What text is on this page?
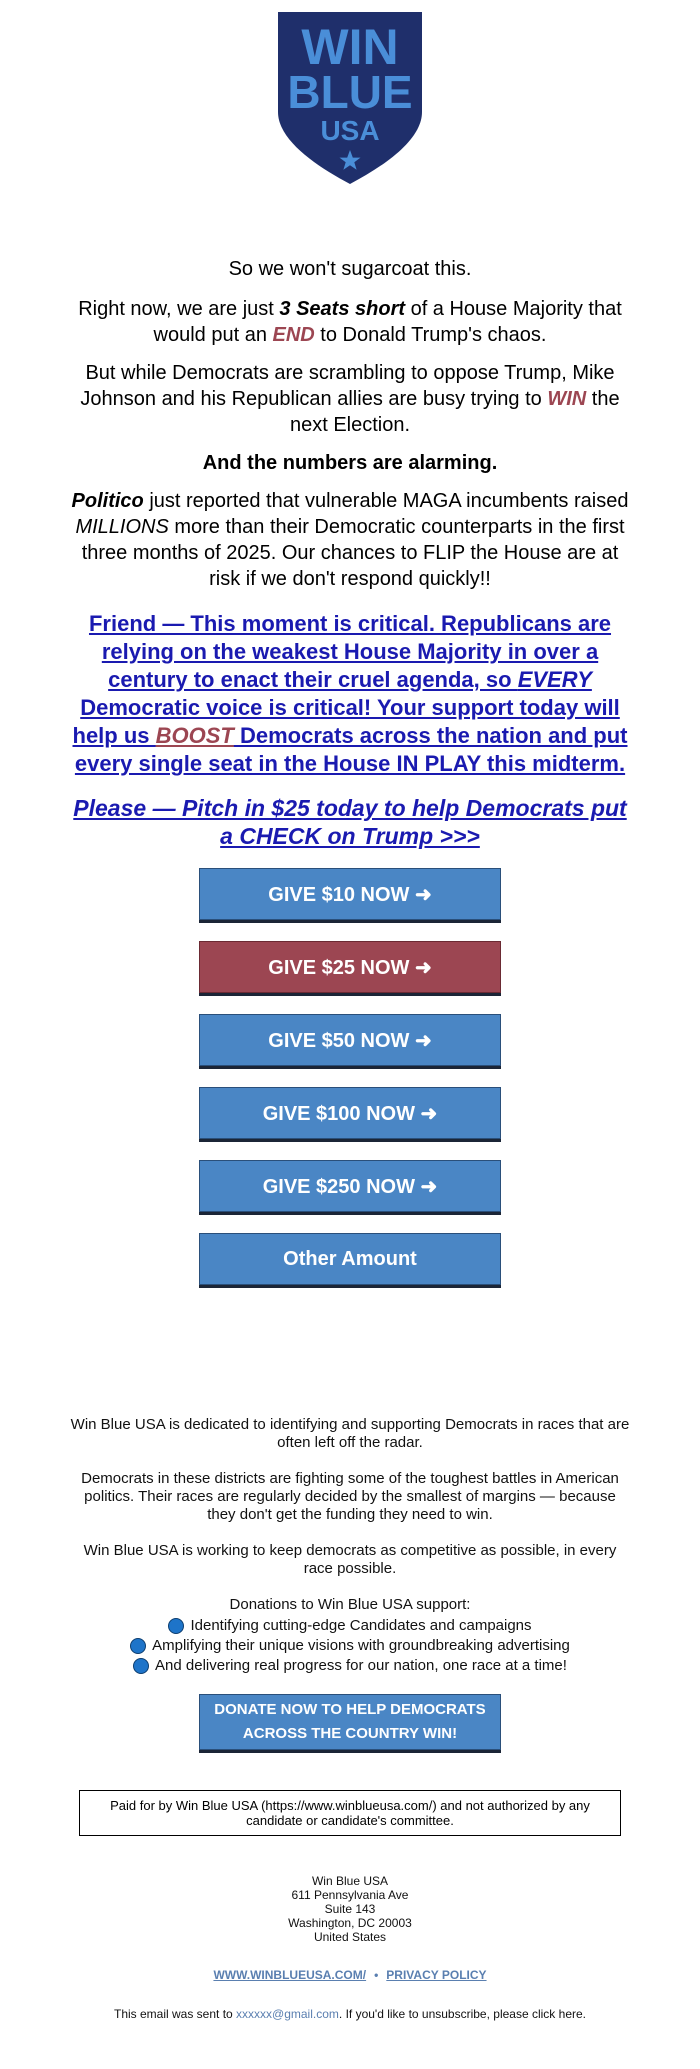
WIN
BLUE
USA

So we won't sugarcoat this.

Right now, we are just 3 Seats short of a House Majority that would put an END to Donald Trump's chaos.

But while Democrats are scrambling to oppose Trump, Mike Johnson and his Republican allies are busy trying to WIN the next Election.

And the numbers are alarming.

Politico just reported that vulnerable MAGA incumbents raised MILLIONS more than their Democratic counterparts in the first three months of 2025. Our chances to FLIP the House are at risk if we don't respond quickly!!

Friend — This moment is critical. Republicans are relying on the weakest House Majority in over a century to enact their cruel agenda, so EVERY Democratic voice is critical! Your support today will help us BOOST Democrats across the nation and put every single seat in the House IN PLAY this midterm.
Please — Pitch in $25 today to help Democrats put a CHECK on Trump >>>
GIVE $10 NOW ➜
GIVE $25 NOW ➜
GIVE $50 NOW ➜
GIVE $100 NOW ➜
GIVE $250 NOW ➜
Other Amount

Win Blue USA is dedicated to identifying and supporting Democrats in races that are often left off the radar.

Democrats in these districts are fighting some of the toughest battles in American politics. Their races are regularly decided by the smallest of margins — because they don't get the funding they need to win.

Win Blue USA is working to keep democrats as competitive as possible, in every race possible.

Donations to Win Blue USA support:

Identifying cutting-edge Candidates and campaigns
Amplifying their unique visions with groundbreaking advertising
And delivering real progress for our nation, one race at a time!
DONATE NOW TO HELP DEMOCRATS ACROSS THE COUNTRY WIN!
Paid for by Win Blue USA (https://www.winblueusa.com/) and not authorized by any candidate or candidate's committee.
Win Blue USA
611 Pennsylvania Ave
Suite 143
Washington, DC 20003
United States
WWW.WINBLUEUSA.COM/ • PRIVACY POLICY
This email was sent to xxxxxx@gmail.com. If you'd like to unsubscribe, please click here.
